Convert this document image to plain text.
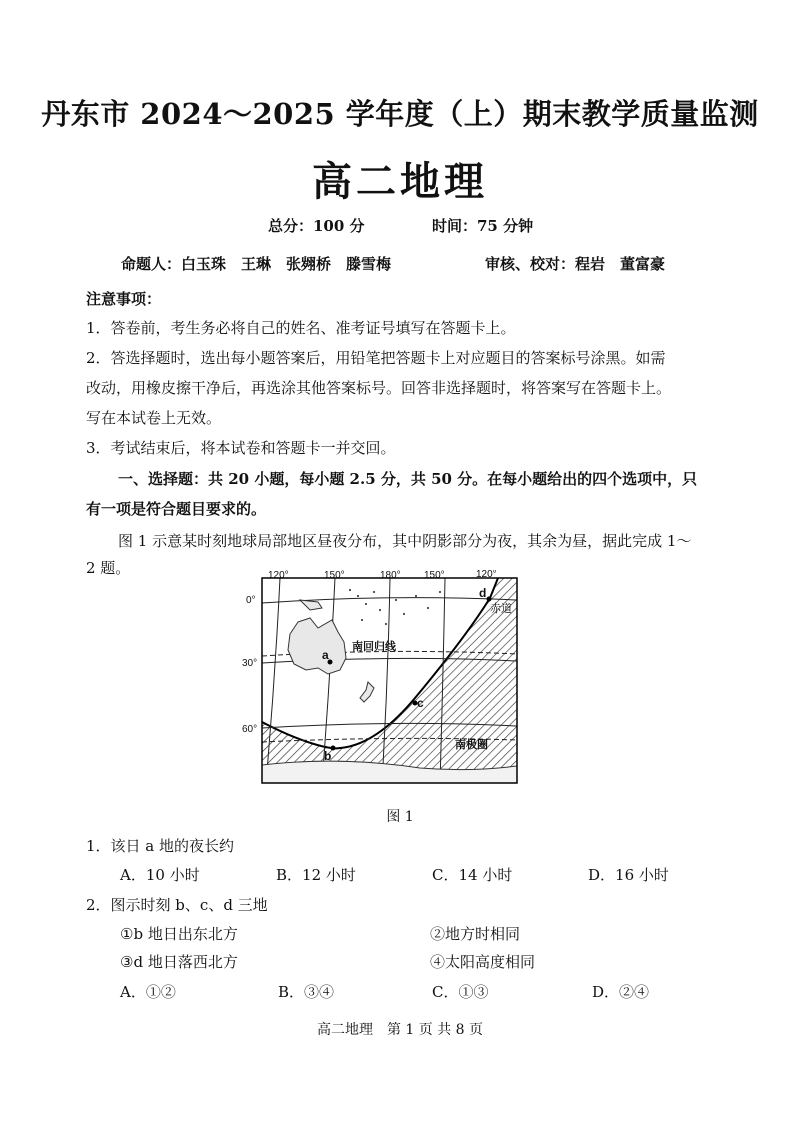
丹东市 2024～2025 学年度（上）期末教学质量监测
高二地理
总分：100 分	时间：75 分钟
命题人：白玉珠　王琳　张翙桥　滕雪梅	审核、校对：程岩　董富豪
注意事项：
1．答卷前，考生务必将自己的姓名、准考证号填写在答题卡上。
2．答选择题时，选出每小题答案后，用铅笔把答题卡上对应题目的答案标号涂黑。如需
改动，用橡皮擦干净后，再选涂其他答案标号。回答非选择题时，将答案写在答题卡上。
写在本试卷上无效。
3．考试结束后，将本试卷和答题卡一并交回。
一、选择题：共 20 小题，每小题 2.5 分，共 50 分。在每小题给出的四个选项中，只
有一项是符合题目要求的。
图 1 示意某时刻地球局部地区昼夜分布，其中阴影部分为夜，其余为昼，据此完成 1～
2 题。	120°	150°	180° 150°	120°
0°
30°
60°
赤道
南回归线
南极圈
a
b
c
d
图 1
1．该日 a 地的夜长约
A．10 小时	B．12 小时	C．14 小时	D．16 小时
2．图示时刻 b、c、d 三地
①b 地日出东北方	②地方时相同
③d 地日落西北方	④太阳高度相同
A．①②	B．③④	C．①③	D．②④
高二地理　第 1 页 共 8 页
